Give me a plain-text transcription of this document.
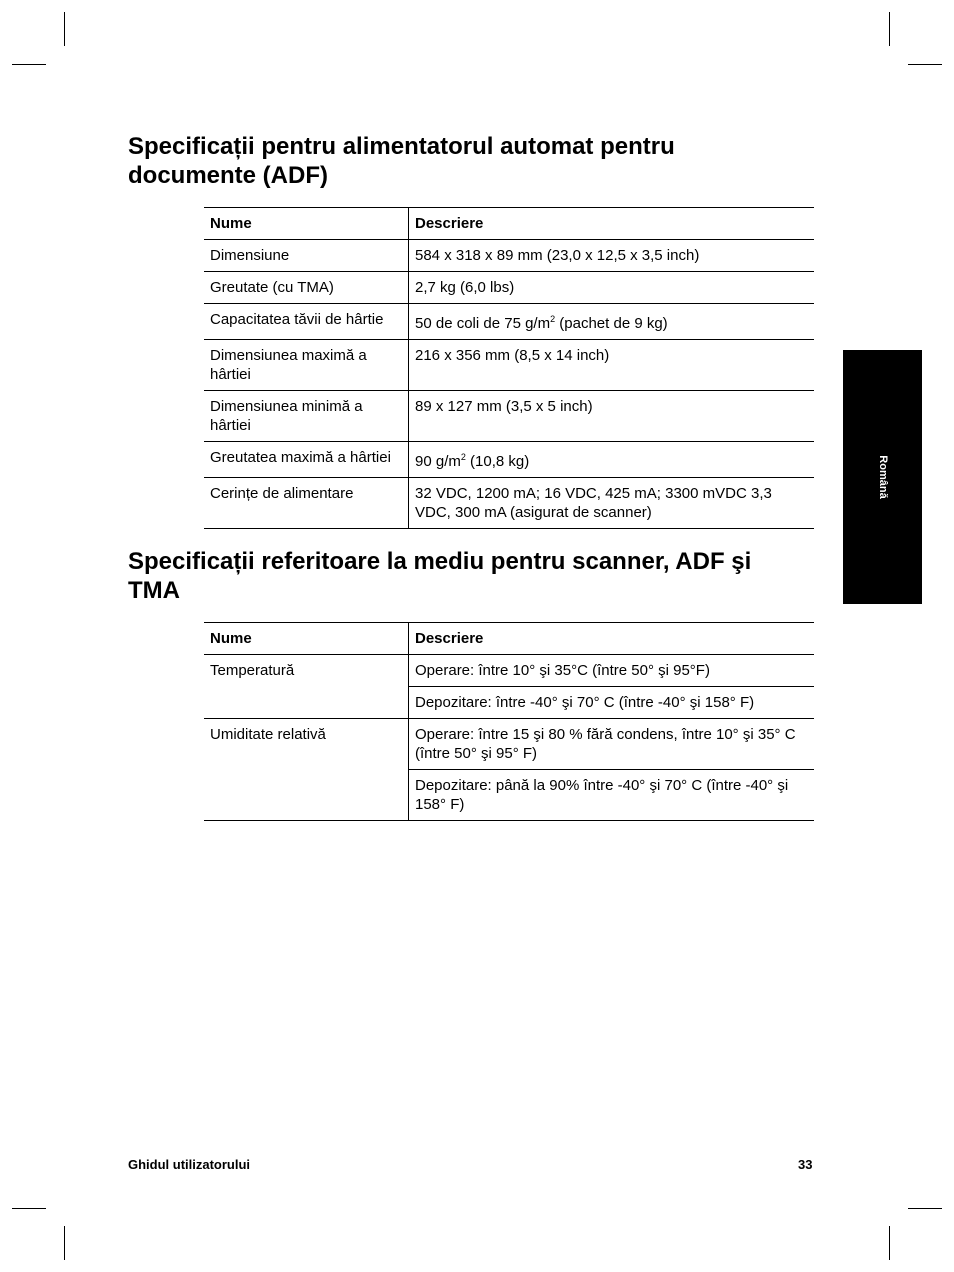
Specificații pentru alimentatorul automat pentru
documente (ADF)
Nume	Descriere
Dimensiune	584 x 318 x 89 mm (23,0 x 12,5 x 3,5 inch)
Greutate (cu TMA)	2,7 kg (6,0 lbs)
Capacitatea tăvii de hârtie	50 de coli de 75 $g/m^2$ (pachet de 9 kg)
Dimensiunea maximă a hârtiei	216 x 356 mm (8,5 x 14 inch)
Dimensiunea minimă a hârtiei	89 x 127 mm (3,5 x 5 inch)
Greutatea maximă a hârtiei	90 $g/m^2$ (10,8 kg)
Cerințe de alimentare	32 VDC, 1200 mA; 16 VDC, 425 mA; 3300 mVDC 3,3 VDC, 300 mA (asigurat de scanner)
Specificații referitoare la mediu pentru scanner, ADF şi
TMA
Nume	Descriere
Temperatură	Operare: între 10° şi 35°C (între 50° şi 95°F)
	Depozitare: între -40° şi 70° C (între -40° şi 158° F)
Umiditate relativă	Operare: între 15 şi 80 % fără condens, între 10° şi 35° C (între 50° şi 95° F)
	Depozitare: până la 90% între -40° şi 70° C (între -40° şi 158° F)
Română
Ghidul utilizatorului	33
